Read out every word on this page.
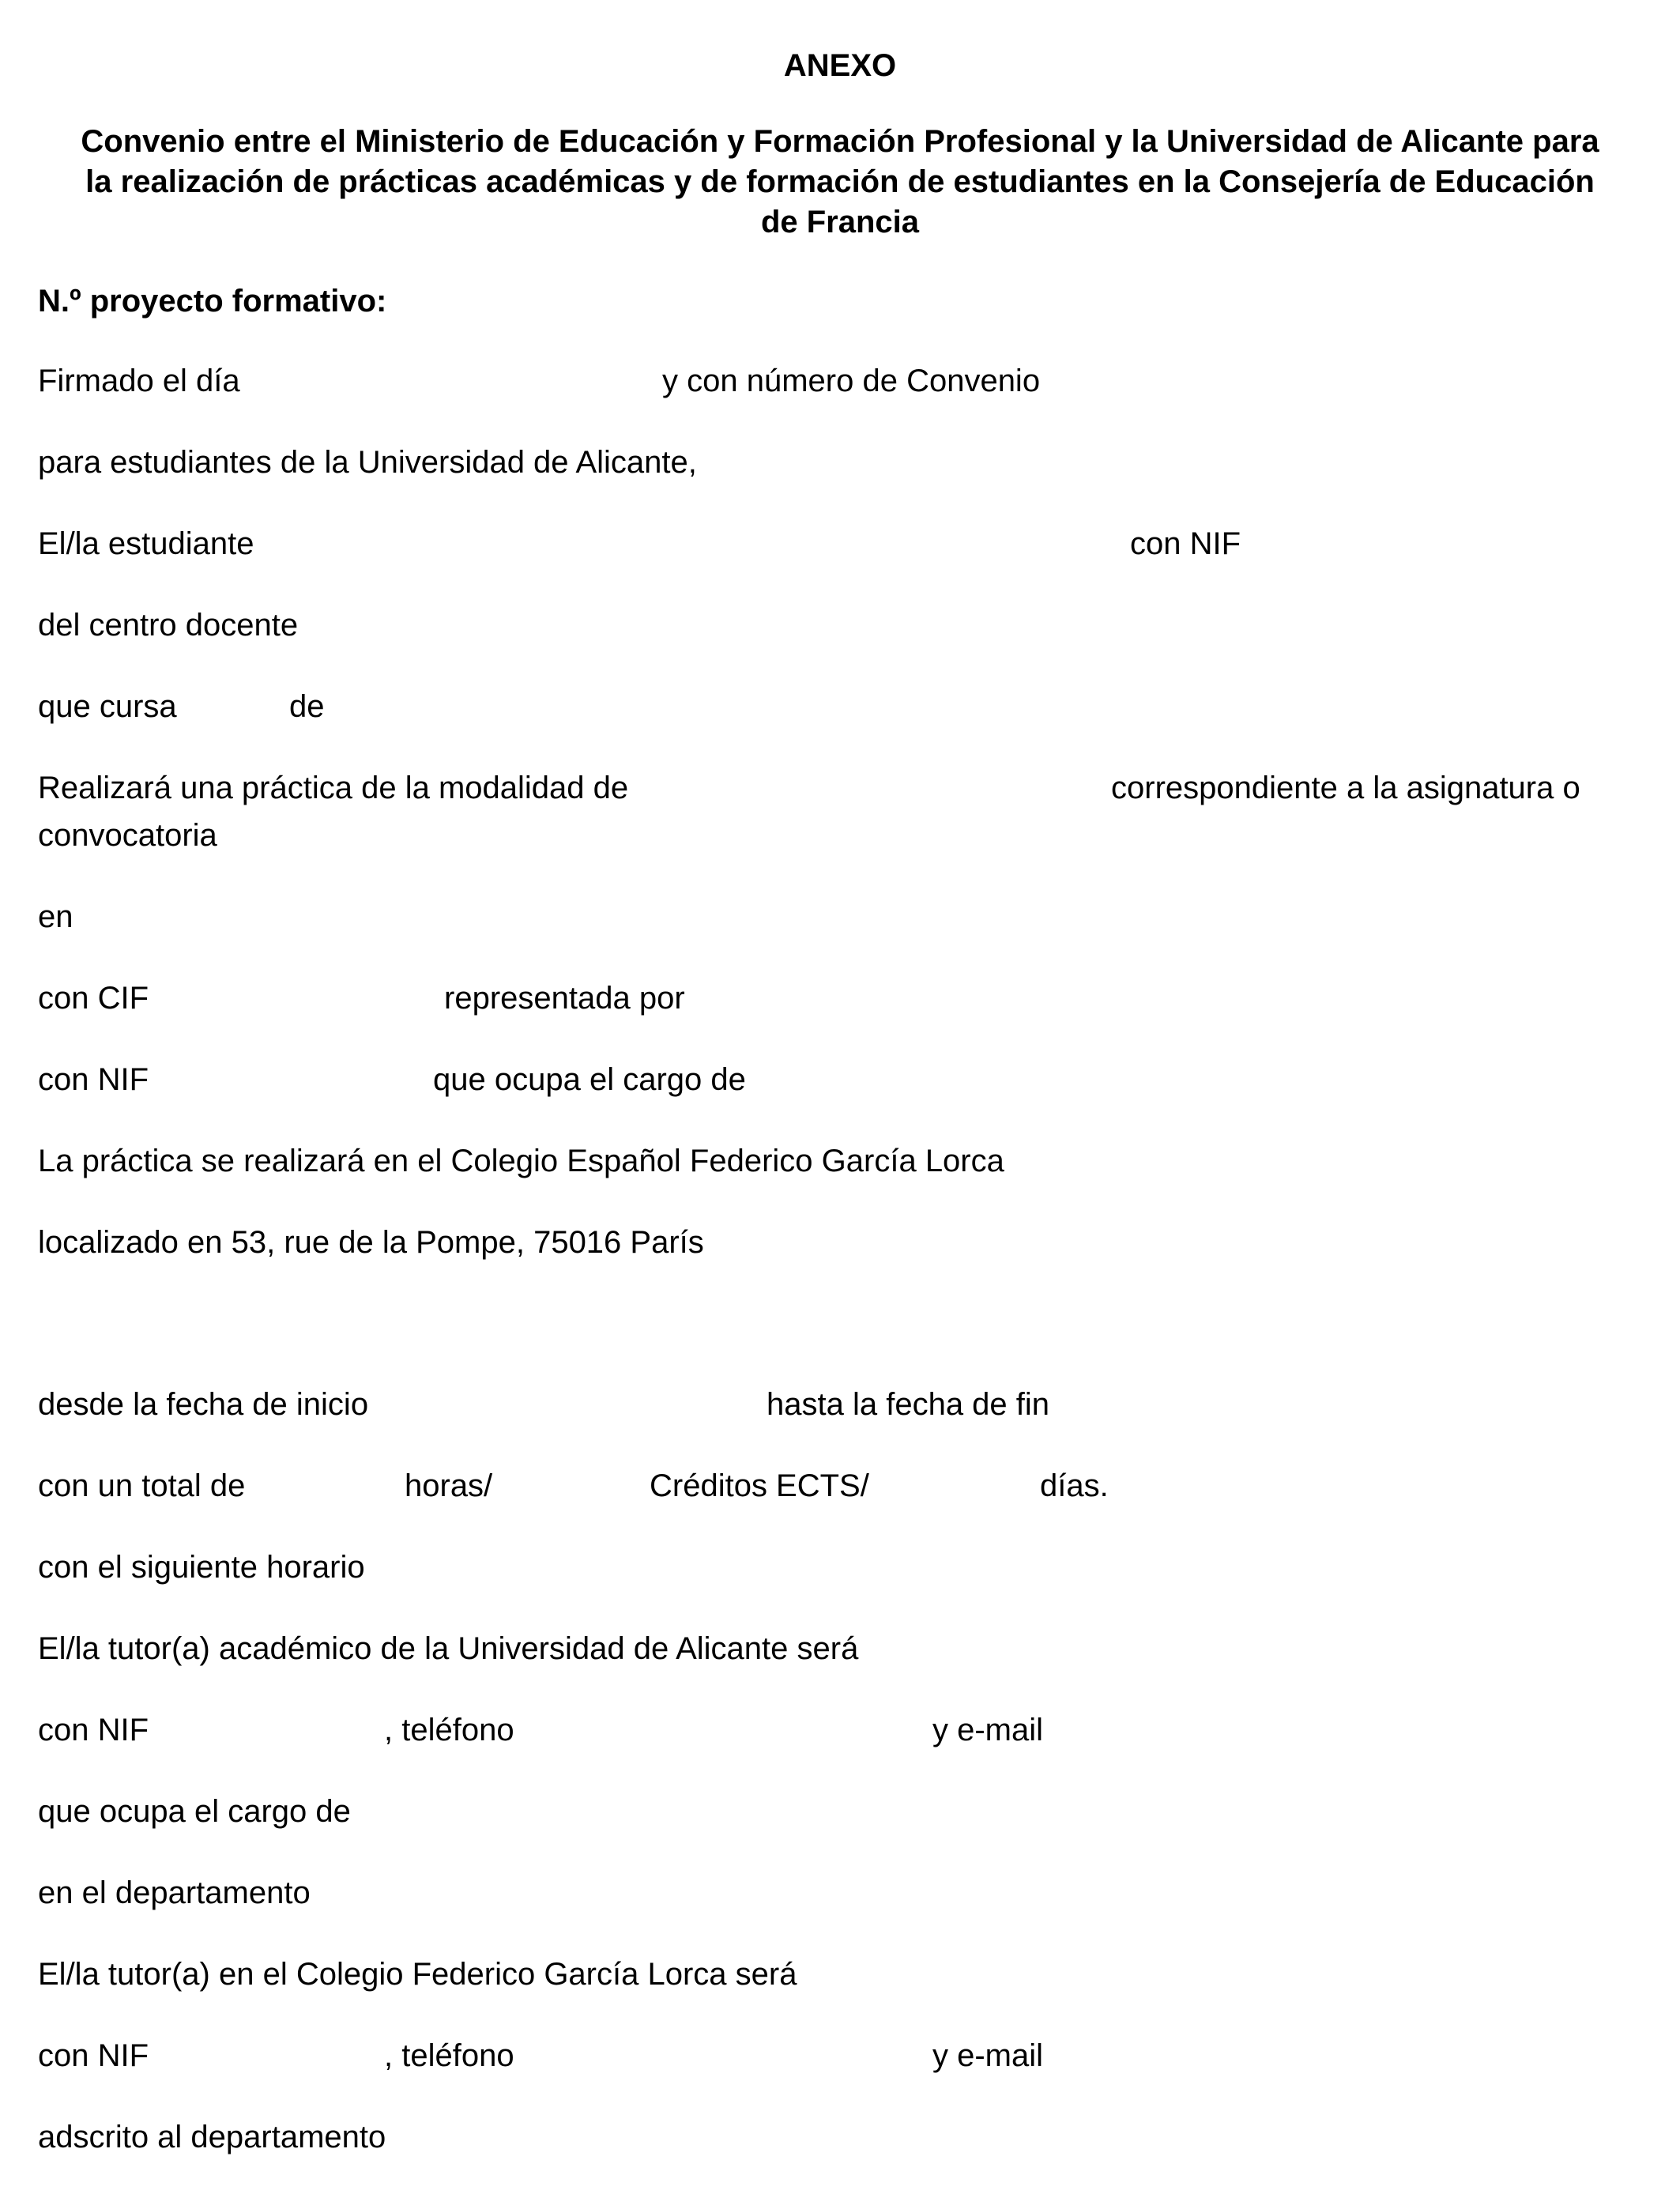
ANEXO
Convenio entre el Ministerio de Educación y Formación Profesional y la Universidad de Alicante para la realización de prácticas académicas y de formación de estudiantes en la Consejería de Educación de Francia
N.º proyecto formativo:
Firmado el día	y con número de Convenio
para estudiantes de la Universidad de Alicante,
El/la estudiante	con NIF
del centro docente
que cursa	de
Realizará una práctica de la modalidad de	correspondiente a la asignatura o
convocatoria
en
con CIF	representada por
con NIF	que ocupa el cargo de
La práctica se realizará en el Colegio Español Federico García Lorca
localizado en 53, rue de la Pompe, 75016 París
desde la fecha de inicio	hasta la fecha de fin
con un total de	horas/	Créditos ECTS/	días.
con el siguiente horario
El/la tutor(a) académico de la Universidad de Alicante será
con NIF	, teléfono	y e-mail
que ocupa el cargo de
en el departamento
El/la tutor(a) en el Colegio Federico García Lorca será
con NIF	, teléfono	y e-mail
adscrito al departamento
